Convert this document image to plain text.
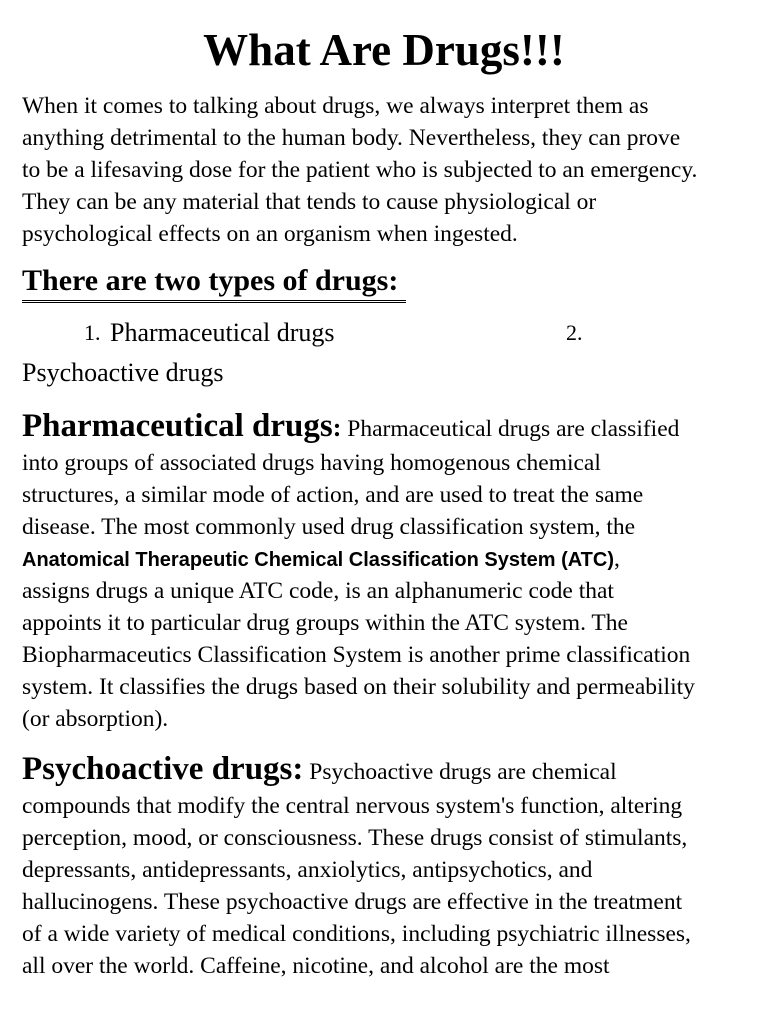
What Are Drugs!!!
When it comes to talking about drugs, we always interpret them as
anything detrimental to the human body. Nevertheless, they can prove
to be a lifesaving dose for the patient who is subjected to an emergency.
They can be any material that tends to cause physiological or
psychological effects on an organism when ingested.
There are two types of drugs:
1. Pharmaceutical drugs	2.
Psychoactive drugs
Pharmaceutical drugs: Pharmaceutical drugs are classified
into groups of associated drugs having homogenous chemical
structures, a similar mode of action, and are used to treat the same
disease. The most commonly used drug classification system, the
Anatomical Therapeutic Chemical Classification System (ATC),
assigns drugs a unique ATC code, is an alphanumeric code that
appoints it to particular drug groups within the ATC system. The
Biopharmaceutics Classification System is another prime classification
system. It classifies the drugs based on their solubility and permeability
(or absorption).
Psychoactive drugs: Psychoactive drugs are chemical
compounds that modify the central nervous system's function, altering
perception, mood, or consciousness. These drugs consist of stimulants,
depressants, antidepressants, anxiolytics, antipsychotics, and
hallucinogens. These psychoactive drugs are effective in the treatment
of a wide variety of medical conditions, including psychiatric illnesses,
all over the world. Caffeine, nicotine, and alcohol are the most
